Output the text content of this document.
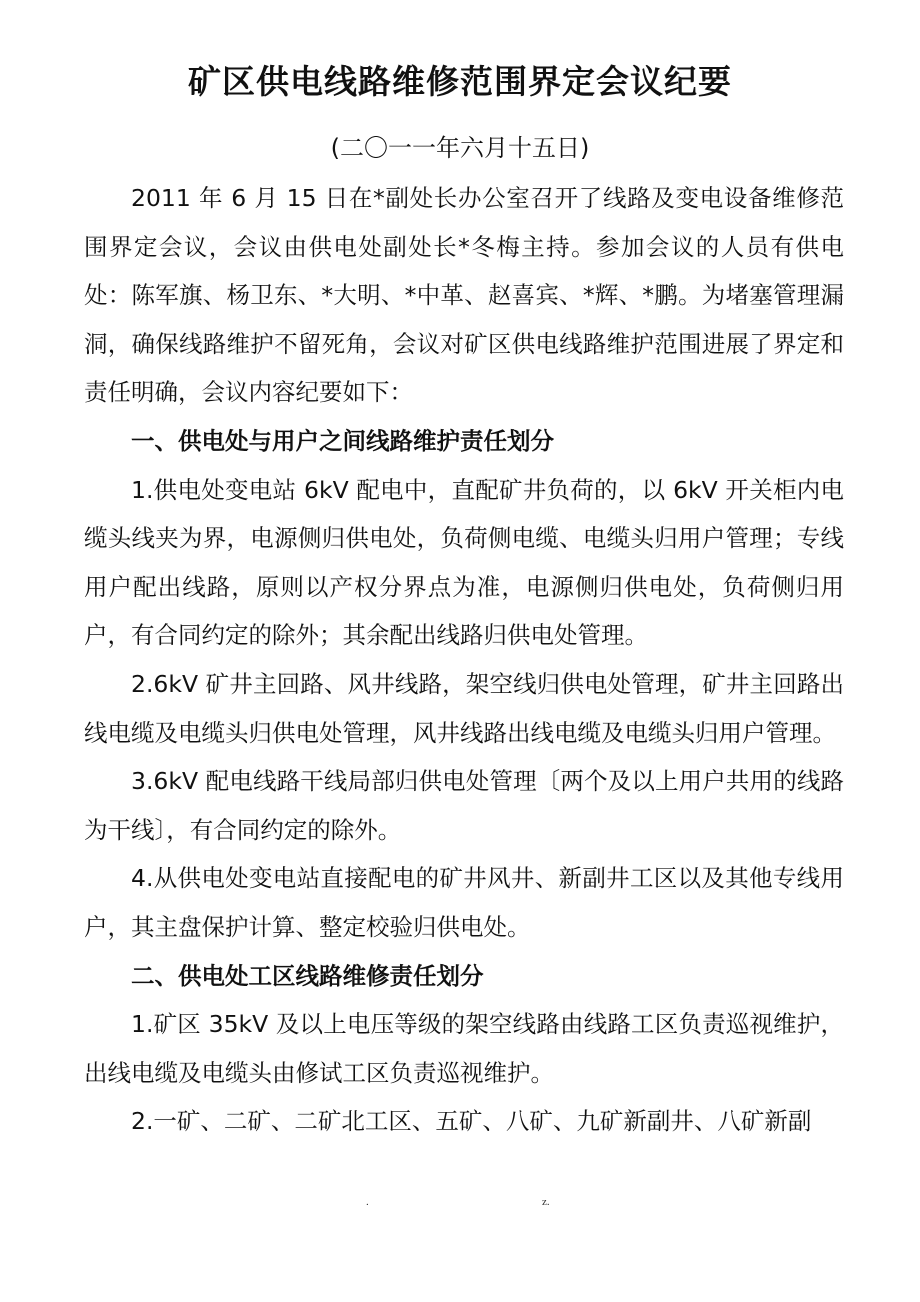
矿区供电线路维修范围界定会议纪要
(二〇一一年六月十五日)

2011 年 6 月 15 日在*副处长办公室召开了线路及变电设备维修范围界定会议，会议由供电处副处长*冬梅主持。参加会议的人员有供电处：陈军旗、杨卫东、*大明、*中革、赵喜宾、*辉、*鹏。为堵塞管理漏洞，确保线路维护不留死角，会议对矿区供电线路维护范围进展了界定和责任明确，会议内容纪要如下：

一、供电处与用户之间线路维护责任划分

1.供电处变电站 6kV 配电中，直配矿井负荷的，以 6kV 开关柜内电缆头线夹为界，电源侧归供电处，负荷侧电缆、电缆头归用户管理；专线用户配出线路，原则以产权分界点为准，电源侧归供电处，负荷侧归用户，有合同约定的除外；其余配出线路归供电处管理。

2.6kV 矿井主回路、风井线路，架空线归供电处管理，矿井主回路出线电缆及电缆头归供电处管理，风井线路出线电缆及电缆头归用户管理。

3.6kV 配电线路干线局部归供电处管理〔两个及以上用户共用的线路为干线〕，有合同约定的除外。

4.从供电处变电站直接配电的矿井风井、新副井工区以及其他专线用户，其主盘保护计算、整定校验归供电处。

二、供电处工区线路维修责任划分

1.矿区 35kV 及以上电压等级的架空线路由线路工区负责巡视维护，出线电缆及电缆头由修试工区负责巡视维护。

2.一矿、二矿、二矿北工区、五矿、八矿、九矿新副井、八矿新副

.	z.
